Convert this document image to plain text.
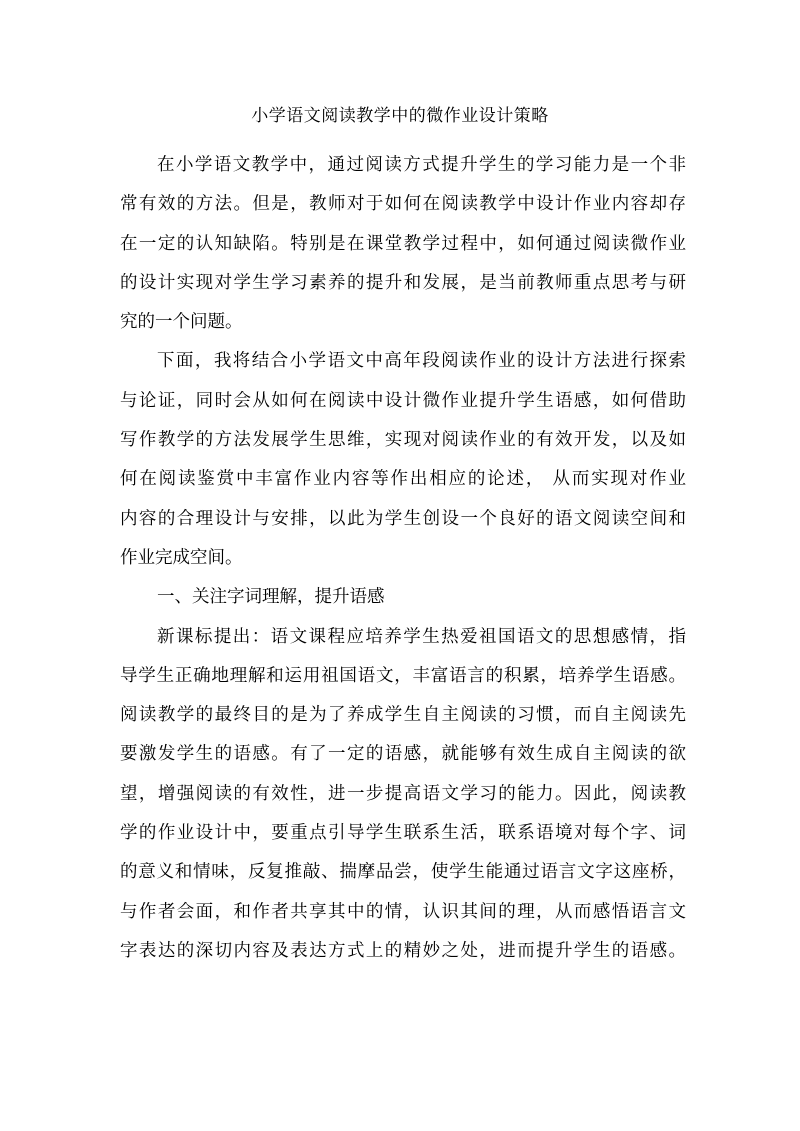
小学语文阅读教学中的微作业设计策略
在小学语文教学中，通过阅读方式提升学生的学习能力是一个非
常有效的方法。但是，教师对于如何在阅读教学中设计作业内容却存
在一定的认知缺陷。特别是在课堂教学过程中，如何通过阅读微作业
的设计实现对学生学习素养的提升和发展，是当前教师重点思考与研
究的一个问题。
下面，我将结合小学语文中高年段阅读作业的设计方法进行探索
与论证，同时会从如何在阅读中设计微作业提升学生语感，如何借助
写作教学的方法发展学生思维，实现对阅读作业的有效开发，以及如
何在阅读鉴赏中丰富作业内容等作出相应的论述， 从而实现对作业
内容的合理设计与安排，以此为学生创设一个良好的语文阅读空间和
作业完成空间。
一、关注字词理解，提升语感
新课标提出：语文课程应培养学生热爱祖国语文的思想感情，指
导学生正确地理解和运用祖国语文，丰富语言的积累，培养学生语感。
阅读教学的最终目的是为了养成学生自主阅读的习惯，而自主阅读先
要激发学生的语感。有了一定的语感，就能够有效生成自主阅读的欲
望，增强阅读的有效性，进一步提高语文学习的能力。因此，阅读教
学的作业设计中，要重点引导学生联系生活，联系语境对每个字、词
的意义和情味，反复推敲、揣摩品尝，使学生能通过语言文字这座桥，
与作者会面，和作者共享其中的情，认识其间的理，从而感悟语言文
字表达的深切内容及表达方式上的精妙之处，进而提升学生的语感。
